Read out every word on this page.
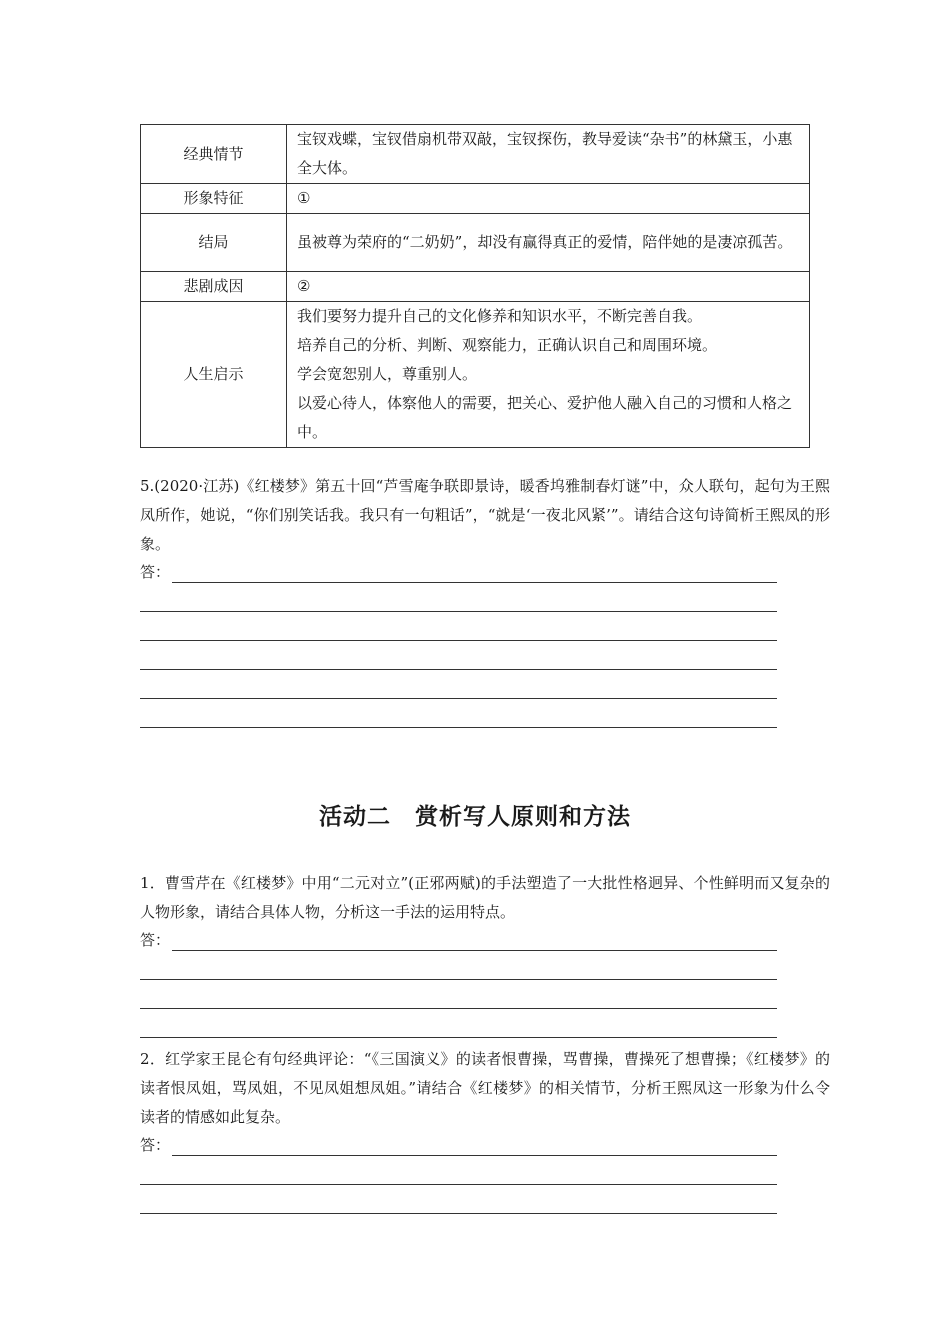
经典情节	宝钗戏蝶，宝钗借扇机带双敲，宝钗探伤，教导爱读“杂书”的林黛玉，小惠全大体。
形象特征	①
结局	虽被尊为荣府的“二奶奶”，却没有赢得真正的爱情，陪伴她的是凄凉孤苦。
悲剧成因	②
人生启示	我们要努力提升自己的文化修养和知识水平，不断完善自我。
培养自己的分析、判断、观察能力，正确认识自己和周围环境。
学会宽恕别人，尊重别人。
以爱心待人，体察他人的需要，把关心、爱护他人融入自己的习惯和人格之中。
5.(2020·江苏)《红楼梦》第五十回“芦雪庵争联即景诗，暖香坞雅制春灯谜”中，众人联句，起句为王熙凤所作，她说，“你们别笑话我。我只有一句粗话”，“就是‘一夜北风紧’”。请结合这句诗简析王熙凤的形象。
答：
活动二　赏析写人原则和方法
1．曹雪芹在《红楼梦》中用“二元对立”(正邪两赋)的手法塑造了一大批性格迥异、个性鲜明而又复杂的人物形象，请结合具体人物，分析这一手法的运用特点。
答：
2．红学家王昆仑有句经典评论：“《三国演义》的读者恨曹操，骂曹操，曹操死了想曹操；《红楼梦》的读者恨凤姐，骂凤姐，不见凤姐想凤姐。”请结合《红楼梦》的相关情节，分析王熙凤这一形象为什么令读者的情感如此复杂。
答：
